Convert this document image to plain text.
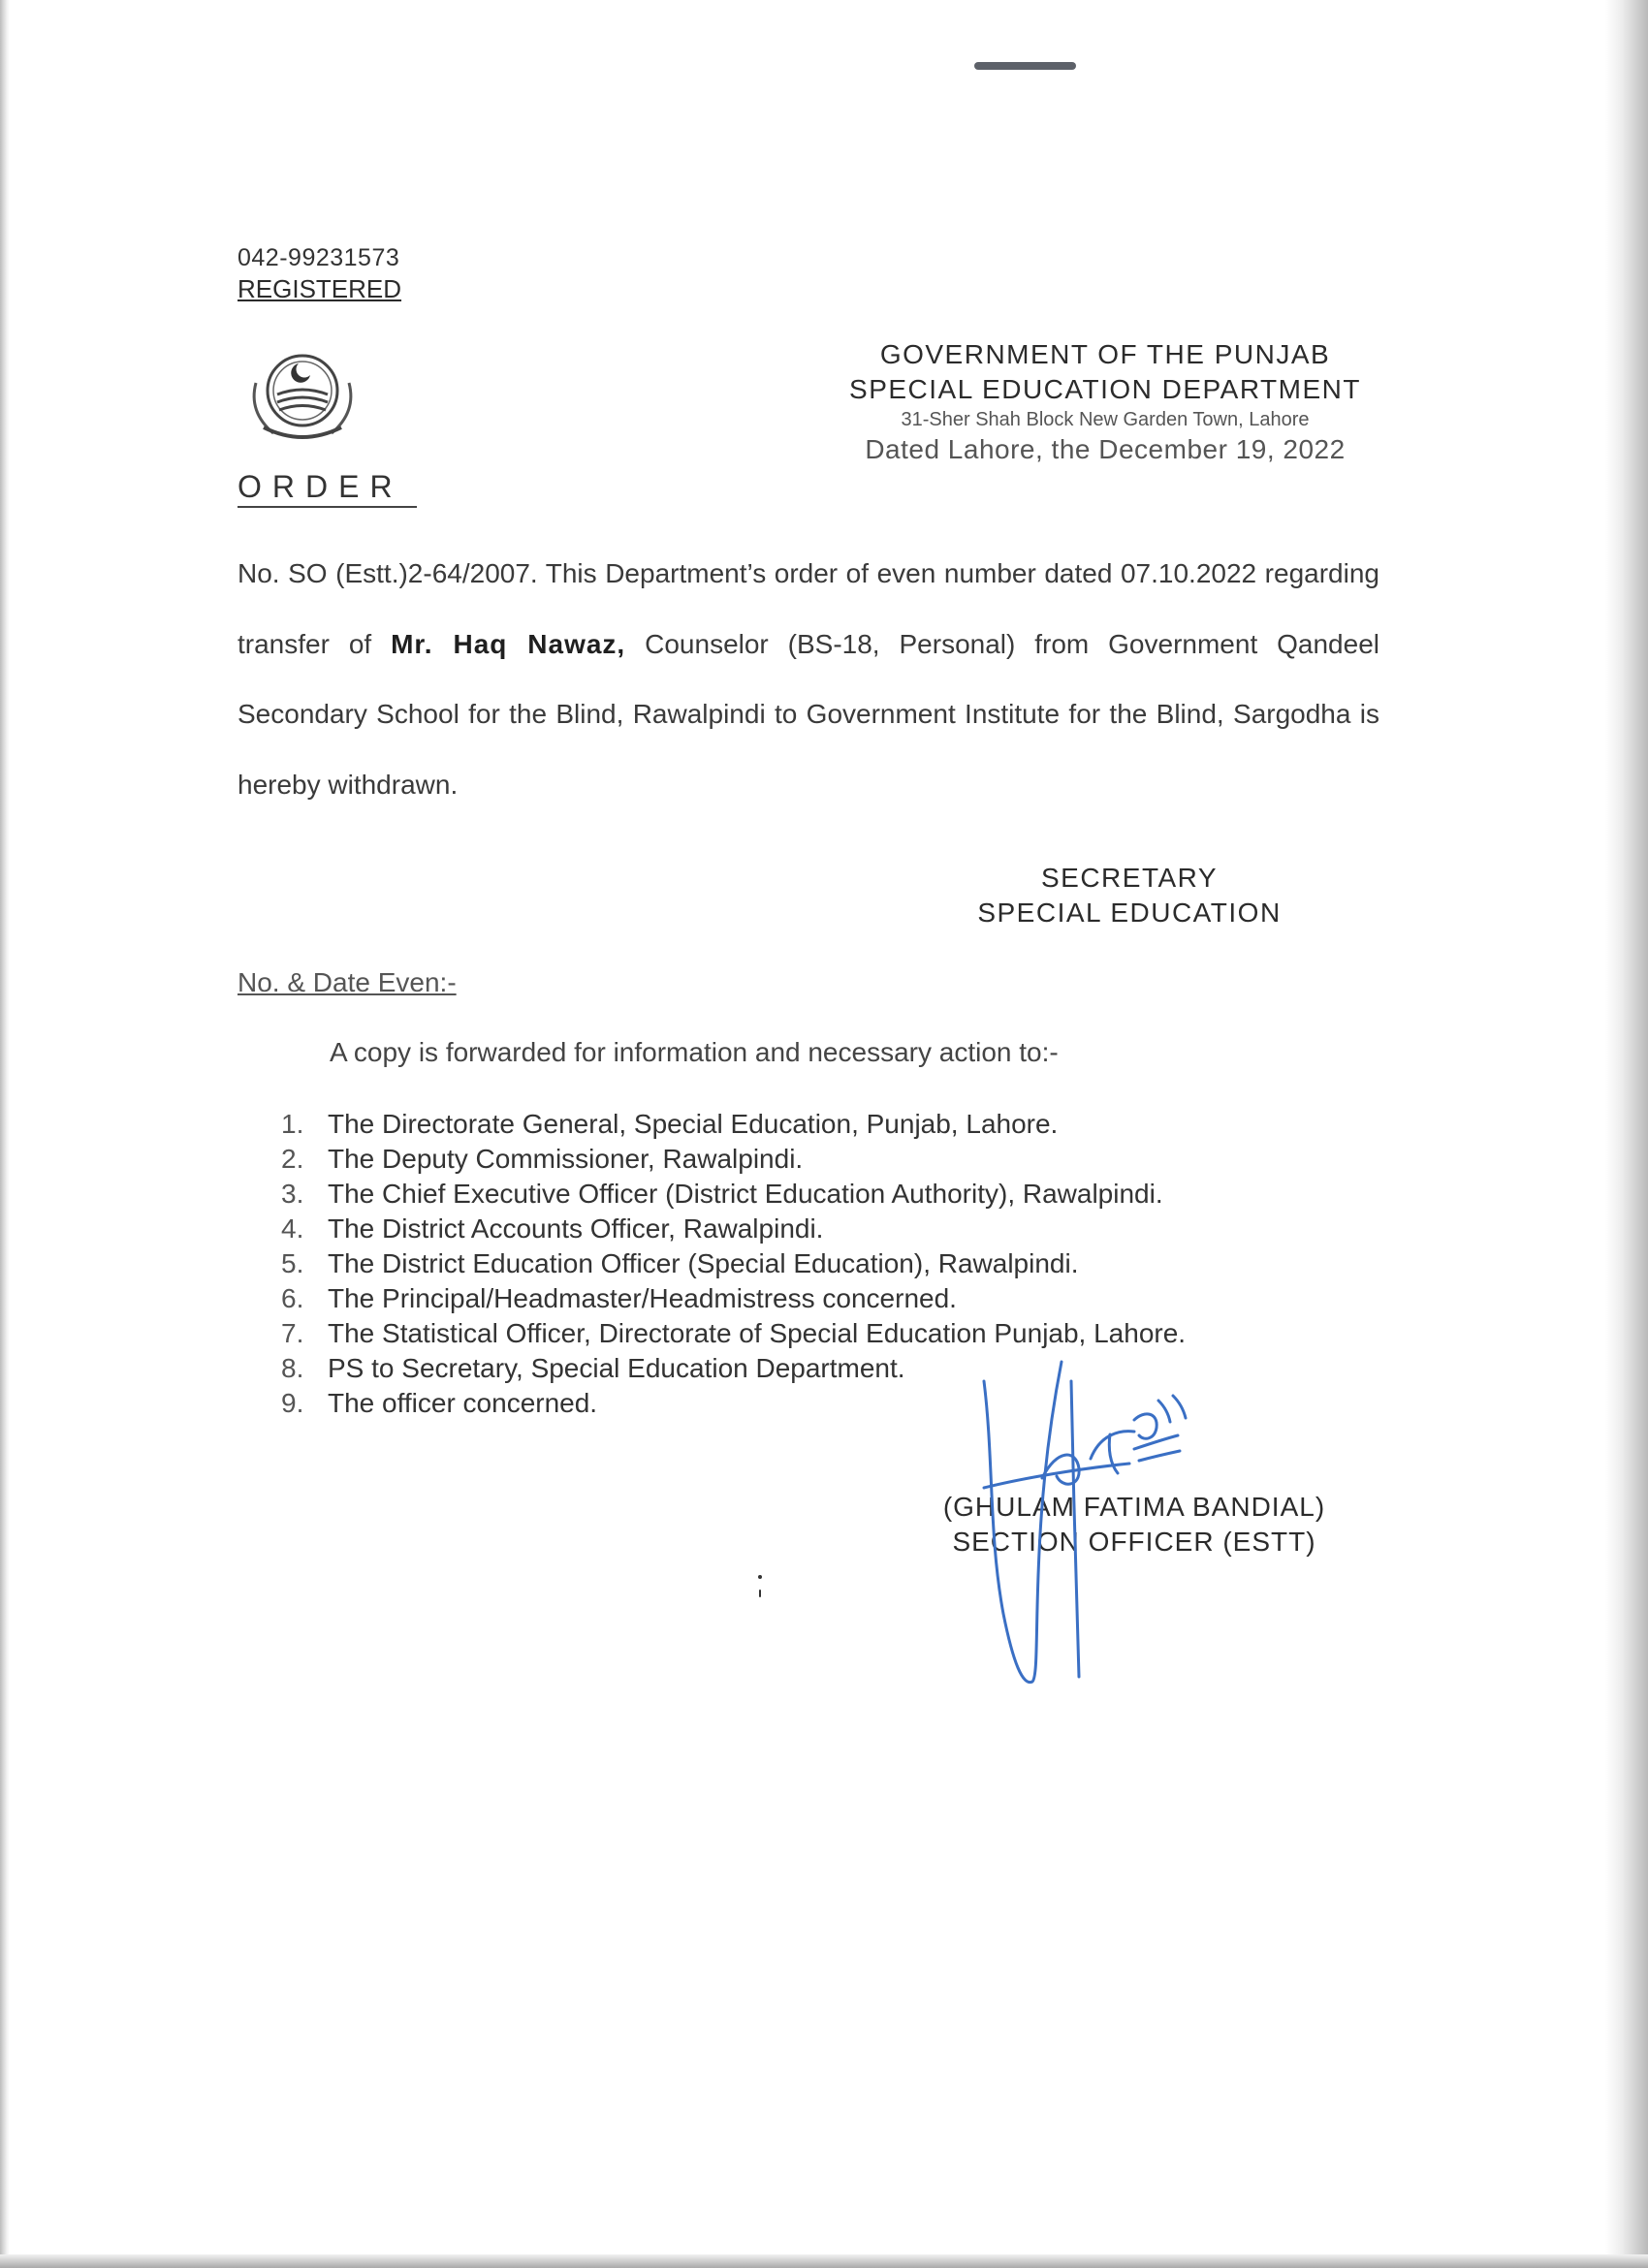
042-99231573
REGISTERED
ORDER
GOVERNMENT OF THE PUNJAB
SPECIAL EDUCATION DEPARTMENT
31-Sher Shah Block New Garden Town, Lahore
Dated Lahore, the December 19, 2022
No. SO (Estt.)2-64/2007. This Department’s order of even number dated 07.10.2022 regarding transfer of Mr. Haq Nawaz, Counselor (BS-18, Personal) from Government Qandeel Secondary School for the Blind, Rawalpindi to Government Institute for the Blind, Sargodha is hereby withdrawn.
SECRETARY
SPECIAL EDUCATION
No. & Date Even:-
A copy is forwarded for information and necessary action to:-
1. The Directorate General, Special Education, Punjab, Lahore.
2. The Deputy Commissioner, Rawalpindi.
3. The Chief Executive Officer (District Education Authority), Rawalpindi.
4. The District Accounts Officer, Rawalpindi.
5. The District Education Officer (Special Education), Rawalpindi.
6. The Principal/Headmaster/Headmistress concerned.
7. The Statistical Officer, Directorate of Special Education Punjab, Lahore.
8. PS to Secretary, Special Education Department.
9. The officer concerned.
(GHULAM FATIMA BANDIAL)
SECTION OFFICER (ESTT)
